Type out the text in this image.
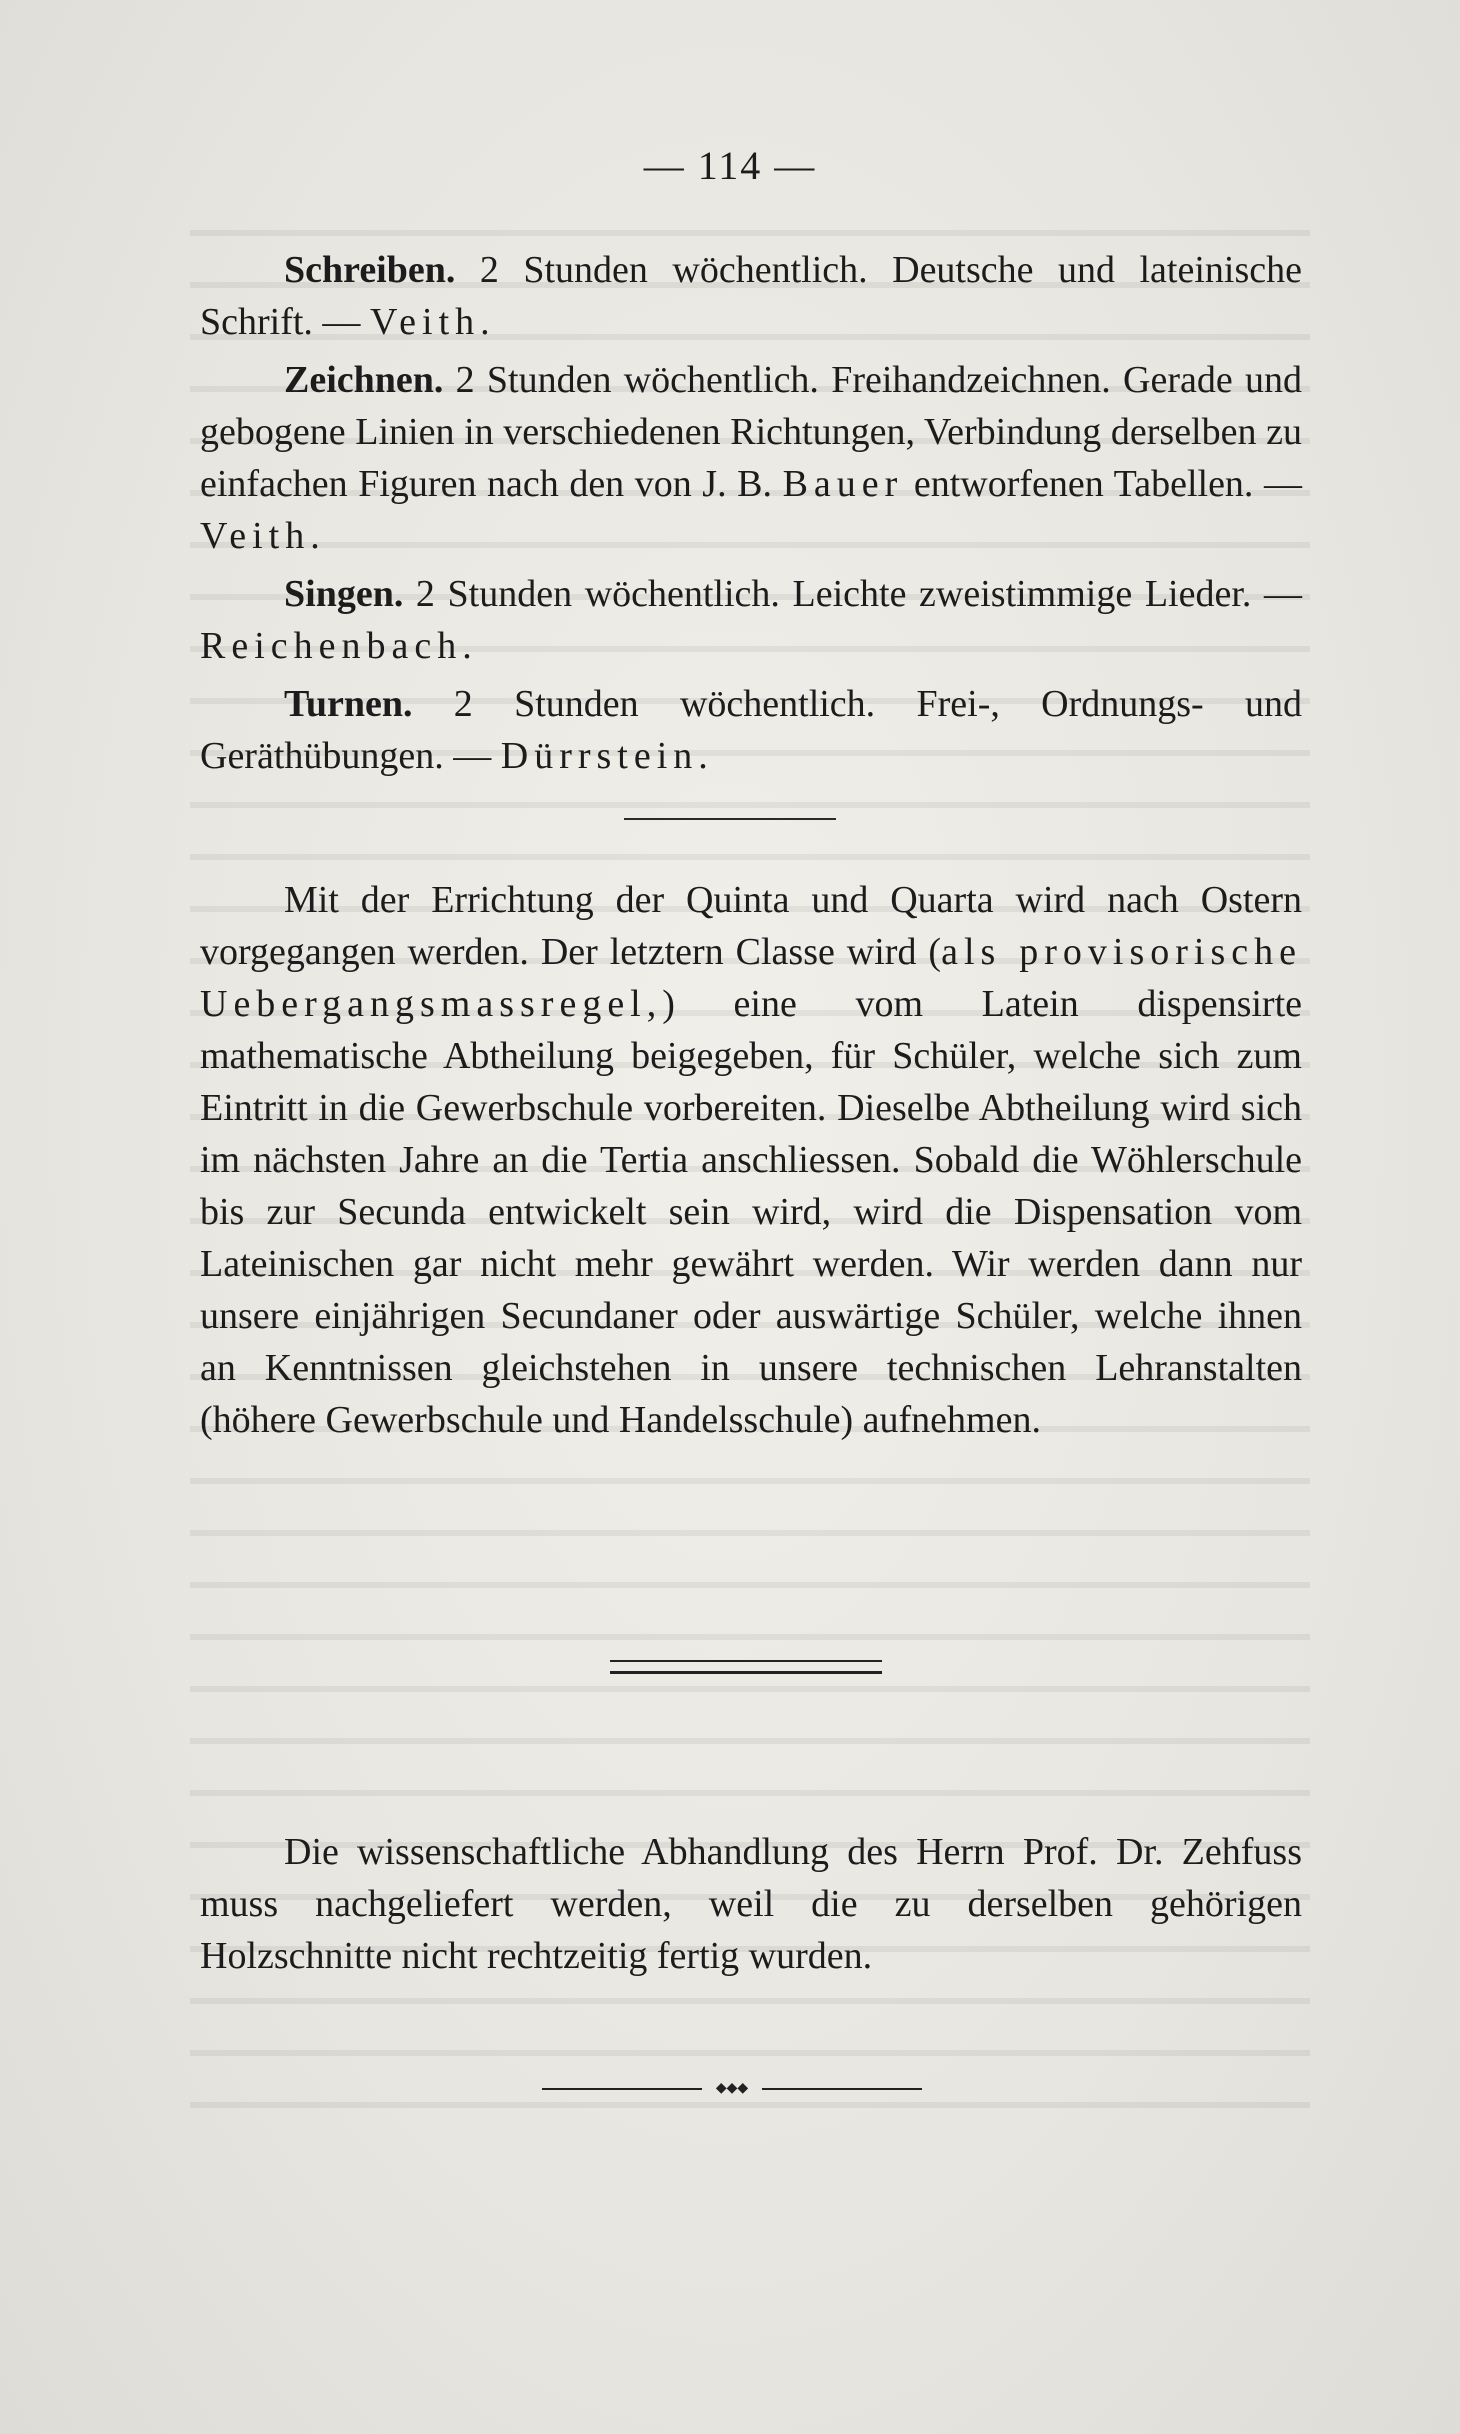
— 114 —

Schreiben. 2 Stunden wöchentlich. Deutsche und lateinische Schrift. — Veith.

Zeichnen. 2 Stunden wöchentlich. Freihandzeichnen. Gerade und gebogene Linien in verschiedenen Richtungen, Verbindung derselben zu einfachen Figuren nach den von J. B. Bauer entworfenen Tabellen. — Veith.

Singen. 2 Stunden wöchentlich. Leichte zweistimmige Lieder. — Reichenbach.

Turnen. 2 Stunden wöchentlich. Frei-, Ordnungs- und Geräthübungen. — Dürrstein.

Mit der Errichtung der Quinta und Quarta wird nach Ostern vorgegangen werden. Der letztern Classe wird (als provisorische Uebergangsmassregel,) eine vom Latein dispensirte mathematische Abtheilung beigegeben, für Schüler, welche sich zum Eintritt in die Gewerbschule vorbereiten. Dieselbe Abtheilung wird sich im nächsten Jahre an die Tertia anschliessen. Sobald die Wöhlerschule bis zur Secunda entwickelt sein wird, wird die Dispensation vom Lateinischen gar nicht mehr gewährt werden. Wir werden dann nur unsere einjährigen Secundaner oder auswärtige Schüler, welche ihnen an Kenntnissen gleichstehen in unsere technischen Lehranstalten (höhere Gewerbschule und Handelsschule) aufnehmen.

Die wissenschaftliche Abhandlung des Herrn Prof. Dr. Zehfuss muss nachgeliefert werden, weil die zu derselben gehörigen Holzschnitte nicht rechtzeitig fertig wurden.

◆◆◆
